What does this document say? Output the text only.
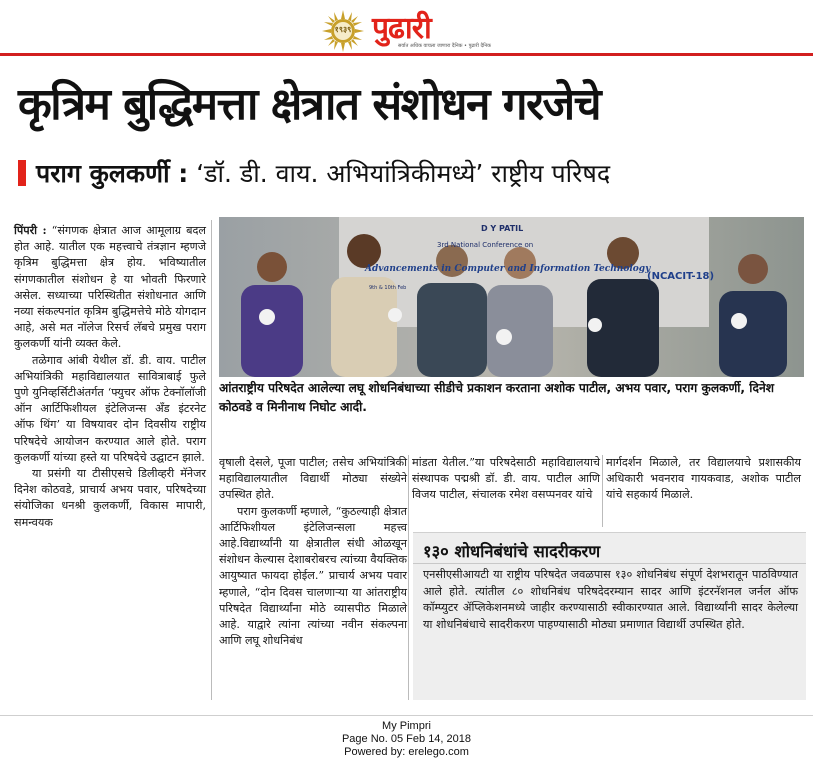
१९३९ पुढारी
सर्वात अधिक वाचला जाणारा दैनिक • पुढारी दैनिक
कृत्रिम बुद्धिमत्ता क्षेत्रात संशोधन गरजेचे
पराग कुलकर्णी : ‘डॉ. डी. वाय. अभियांत्रिकीमध्ये’ राष्ट्रीय परिषद

पिंपरी : “संगणक क्षेत्रात आज आमूलाग्र बदल होत आहे. यातील एक महत्त्वाचे तंत्रज्ञान म्हणजे कृत्रिम बुद्धिमत्ता क्षेत्र होय. भविष्यातील संगणकातील संशोधन हे या भोवती फिरणारे असेल. सध्याच्या परिस्थितीत संशोधनात आणि नव्या संकल्पनांत कृत्रिम बुद्धिमत्तेचे मोठे योगदान आहे, असे मत नॉलेज रिसर्च लॅबचे प्रमुख पराग कुलकर्णी यांनी व्यक्त केले.

तळेगाव आंबी येथील डॉ. डी. वाय. पाटील अभियांत्रिकी महाविद्यालयात सावित्राबाई फुले पुणे युनिव्हर्सिटीअंतर्गत ‘फ्युचर ऑफ टेक्नॉलॉजी ऑन आर्टिफिशीयल इंटेलिजन्स अँड इंटरनेट ऑफ थिंग’ या विषयावर दोन दिवसीय राष्ट्रीय परिषदेचे आयोजन करण्यात आले होते. पराग कुलकर्णी यांच्या हस्ते या परिषदेचे उद्घाटन झाले.

या प्रसंगी या टीसीएसचे डिलीव्हरी मॅनेजर दिनेश कोठवडे, प्राचार्य अभय पवार, परिषदेच्या संयोजिका धनश्री कुलकर्णी, विकास मापारी, समन्वयक

D Y PATIL
3rd National Conference on
Advancements in Computer and Information Technology
(NCACIT-18)
9th & 10th Feb
आंतराष्ट्रीय परिषदेत आलेल्या लघू शोधनिबंधाच्या सीडीचे प्रकाशन करताना अशोक पाटील, अभय पवार, पराग कुलकर्णी, दिनेश कोठवडे व मिनीनाथ निघोट आदी.

वृषाली देसले, पूजा पाटील; तसेच अभियांत्रिकी महाविद्यालयातील विद्यार्थी मोठ्या संख्येने उपस्थित होते.

पराग कुलकर्णी म्हणाले, “कुठल्याही क्षेत्रात आर्टिफिशीयल इंटेलिजन्सला महत्त्व आहे.विद्यार्थ्यांनी या क्षेत्रातील संधी ओळखून संशोधन केल्यास देशाबरोबरच त्यांच्या वैयक्तिक आयुष्यात फायदा होईल.” प्राचार्य अभय पवार म्हणाले, “दोन दिवस चालणाऱ्या या आंतराष्ट्रीय परिषदेत विद्यार्थ्यांना मोठे व्यासपीठ मिळाले आहे. याद्वारे त्यांना त्यांच्या नवीन संकल्पना आणि लघू शोधनिबंध

मांडता येतील.”या परिषदेसाठी महाविद्यालयाचे संस्थापक पद्मश्री डॉ. डी. वाय. पाटील आणि विजय पाटील, संचालक रमेश वसप्पनवर यांचे

मार्गदर्शन मिळाले, तर विद्यालयाचे प्रशासकीय अधिकारी भवनराव गायकवाड, अशोक पाटील यांचे सहकार्य मिळाले.

१३० शोधनिबंधांचे सादरीकरण
एनसीएसीआयटी या राष्ट्रीय परिषदेत जवळपास १३० शोधनिबंध संपूर्ण देशभरातून पाठविण्यात आले होते. त्यांतील ८० शोधनिबंध परिषदेदरम्यान सादर आणि इंटरनॅशनल जर्नल ऑफ कॉम्प्युटर ॲप्लिकेशनमध्ये जाहीर करण्यासाठी स्वीकारण्यात आले. विद्यार्थ्यांनी सादर केलेल्या या शोधनिबंधाचे सादरीकरण पाहण्यासाठी मोठ्या प्रमाणात विद्यार्थी उपस्थित होते.
My Pimpri
Page No. 05 Feb 14, 2018
Powered by: erelego.com
